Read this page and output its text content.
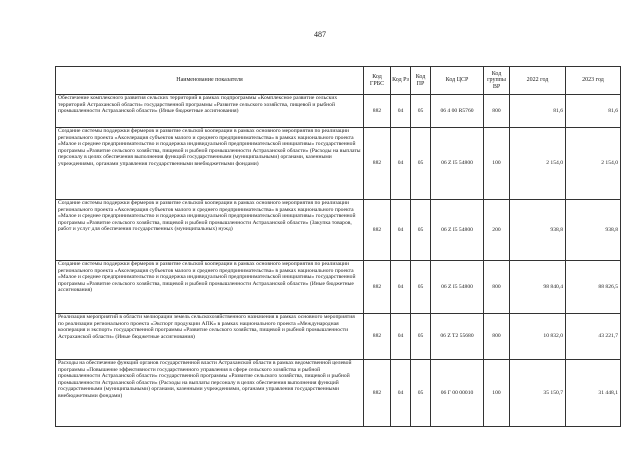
487
Наименование показателя	Код ГРБС	Код Рз	Код ПР	Код ЦСР	Код группы ВР	2022 год	2023 год
Обеспечение комплексного развития сельских территорий в рамках подпрограммы «Комплексное развитие сельских территорий Астраханской области» государственной программы «Развитие сельского хозяйства, пищевой и рыбной промышленности Астраханской области» (Иные бюджетные ассигнования)	882	04	05	06 4 00 R5760	800	81,6	81,6
Создание системы поддержки фермеров и развитие сельской кооперации в рамках основного мероприятия по реализации регионального проекта «Акселерация субъектов малого и среднего предпринимательства» в рамках национального проекта «Малое и среднее предпринимательство и поддержка индивидуальной предпринимательской инициативы» государственной программы «Развитие сельского хозяйства, пищевой и рыбной промышленности Астраханской области» (Расходы на выплаты персоналу в целях обеспечения выполнения функций государственными (муниципальными) органами, казенными учреждениями, органами управления государственными внебюджетными фондами)	882	04	05	06 Z I5 54800	100	2 154,0	2 154,0
Создание системы поддержки фермеров и развитие сельской кооперации в рамках основного мероприятия по реализации регионального проекта «Акселерация субъектов малого и среднего предпринимательства» в рамках национального проекта «Малое и среднее предпринимательство и поддержка индивидуальной предпринимательской инициативы» государственной программы «Развитие сельского хозяйства, пищевой и рыбной промышленности Астраханской области» (Закупка товаров, работ и услуг для обеспечения государственных (муниципальных) нужд)	882	04	05	06 Z I5 54800	200	938,8	938,8
Создание системы поддержки фермеров и развитие сельской кооперации в рамках основного мероприятия по реализации регионального проекта «Акселерация субъектов малого и среднего предпринимательства» в рамках национального проекта «Малое и среднее предпринимательство и поддержка индивидуальной предпринимательской инициативы» государственной программы «Развитие сельского хозяйства, пищевой и рыбной промышленности Астраханской области» (Иные бюджетные ассигнования)	882	04	05	06 Z I5 54800	800	98 840,4	88 826,5
Реализация мероприятий в области мелиорации земель сельскохозяйственного назначения в рамках основного мероприятия по реализации регионального проекта «Экспорт продукции АПК» в рамках национального проекта «Международная кооперация и экспорт» государственной программы «Развитие сельского хозяйства, пищевой и рыбной промышленности Астраханской области» (Иные бюджетные ассигнования)	882	04	05	06 Z T2 55680	800	10 832,0	43 221,7
Расходы на обеспечение функций органов государственной власти Астраханской области в рамках ведомственной целевой программы «Повышение эффективности государственного управления в сфере сельского хозяйства и рыбной промышленности Астраханской области» государственной программы «Развитие сельского хозяйства, пищевой и рыбной промышленности Астраханской области» (Расходы на выплаты персоналу в целях обеспечения выполнения функций государственными (муниципальными) органами, казенными учреждениями, органами управления государственными внебюджетными фондами)	882	04	05	06 Г 00 00010	100	35 150,7	31 448,1
